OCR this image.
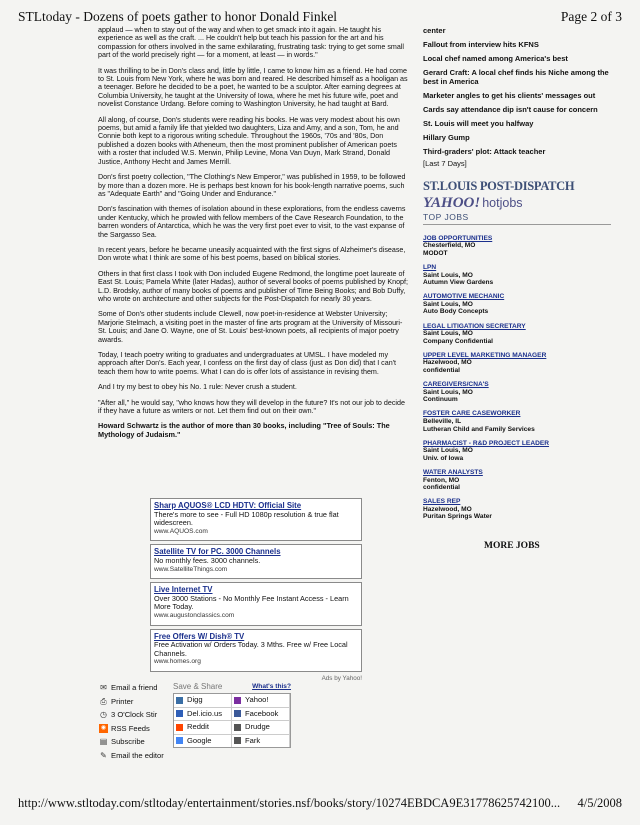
STLtoday - Dozens of poets gather to honor Donald Finkel	Page 2 of 3

applaud — when to stay out of the way and when to get smack into it again. He taught his experience as well as the craft. ... He couldn't help but teach his passion for the art and his compassion for others involved in the same exhilarating, frustrating task: trying to get some small part of the world precisely right — for a moment, at least — in words."

It was thrilling to be in Don's class and, little by little, I came to know him as a friend. He had come to St. Louis from New York, where he was born and reared. He described himself as a hooligan as a teenager. Before he decided to be a poet, he wanted to be a sculptor. After earning degrees at Columbia University, he taught at the University of Iowa, where he met his future wife, poet and novelist Constance Urdang. Before coming to Washington University, he had taught at Bard.

All along, of course, Don's students were reading his books. He was very modest about his own poems, but amid a family life that yielded two daughters, Liza and Amy, and a son, Tom, he and Connie both kept to a rigorous writing schedule. Throughout the 1960s, '70s and '80s, Don published a dozen books with Atheneum, then the most prominent publisher of American poets with a roster that included W.S. Merwin, Philip Levine, Mona Van Duyn, Mark Strand, Donald Justice, Anthony Hecht and James Merrill.

Don's first poetry collection, "The Clothing's New Emperor," was published in 1959, to be followed by more than a dozen more. He is perhaps best known for his book-length narrative poems, such as "Adequate Earth" and "Going Under and Endurance."

Don's fascination with themes of isolation abound in these explorations, from the endless caverns under Kentucky, which he prowled with fellow members of the Cave Research Foundation, to the barren wonders of Antarctica, which he was the very first poet ever to visit, to the vast expanse of the Sargasso Sea.

In recent years, before he became uneasily acquainted with the first signs of Alzheimer's disease, Don wrote what I think are some of his best poems, based on biblical stories.

Others in that first class I took with Don included Eugene Redmond, the longtime poet laureate of East St. Louis; Pamela White (later Hadas), author of several books of poems published by Knopf; L.D. Brodsky, author of many books of poems and publisher of Time Being Books; and Bob Duffy, who wrote on architecture and other subjects for the Post-Dispatch for nearly 30 years.

Some of Don's other students include Clewell, now poet-in-residence at Webster University; Marjorie Stelmach, a visiting poet in the master of fine arts program at the University of Missouri-St. Louis; and Jane O. Wayne, one of St. Louis' best-known poets, all recipients of major poetry awards.

Today, I teach poetry writing to graduates and undergraduates at UMSL. I have modeled my approach after Don's. Each year, I confess on the first day of class (just as Don did) that I can't teach them how to write poems. What I can do is offer lots of assistance in revising them.

And I try my best to obey his No. 1 rule: Never crush a student.

"After all," he would say, "who knows how they will develop in the future? It's not our job to decide if they have a future as writers or not. Let them find out on their own."

Howard Schwartz is the author of more than 30 books, including "Tree of Souls: The Mythology of Judaism."

Sharp AQUOS® LCD HDTV: Official Site
There's more to see - Full HD 1080p resolution & true flat widescreen.
www.AQUOS.com
Satellite TV for PC. 3000 Channels
No monthly fees. 3000 channels.
www.SatelliteThings.com
Live Internet TV
Over 3000 Stations - No Monthly Fee Instant Access - Learn More Today.
www.augustonclassics.com
Free Offers W/ Dish® TV
Free Activation w/ Orders Today. 3 Mths. Free w/ Free Local Channels.
www.homes.org
Ads by Yahoo!
✉ Email a friend
⎙ Printer
◷ 3 O'Clock Stir
◉ RSS Feeds
▤ Subscribe
✎ Email the editor
Save & Share	What's this?
Digg	Yahoo!
Del.icio.us	Facebook
Reddit	Drudge
Google	Fark
center
Fallout from interview hits KFNS
Local chef named among America's best
Gerard Craft: A local chef finds his Niche among the best in America
Marketer angles to get his clients' messages out
Cards say attendance dip isn't cause for concern
St. Louis will meet you halfway
Hillary Gump
Third-graders' plot: Attack teacher
[Last 7 Days]
ST.LOUIS POST-DISPATCH
YAHOO! hotjobs
TOP JOBS
JOB OPPORTUNITIES
Chesterfield, MO
MODOT
LPN
Saint Louis, MO
Autumn View Gardens
AUTOMOTIVE MECHANIC
Saint Louis, MO
Auto Body Concepts
LEGAL LITIGATION SECRETARY
Saint Louis, MO
Company Confidential
UPPER LEVEL MARKETING MANAGER
Hazelwood, MO
confidential
CAREGIVERS/CNA'S
Saint Louis, MO
Continuum
FOSTER CARE CASEWORKER
Belleville, IL
Lutheran Child and Family Services
PHARMACIST - R&D PROJECT LEADER
Saint Louis, MO
Univ. of Iowa
WATER ANALYSTS
Fenton, MO
confidential
SALES REP
Hazelwood, MO
Puritan Springs Water
MORE JOBS
http://www.stltoday.com/stltoday/entertainment/stories.nsf/books/story/10274EBDCA9E31778625742100... 4/5/2008
